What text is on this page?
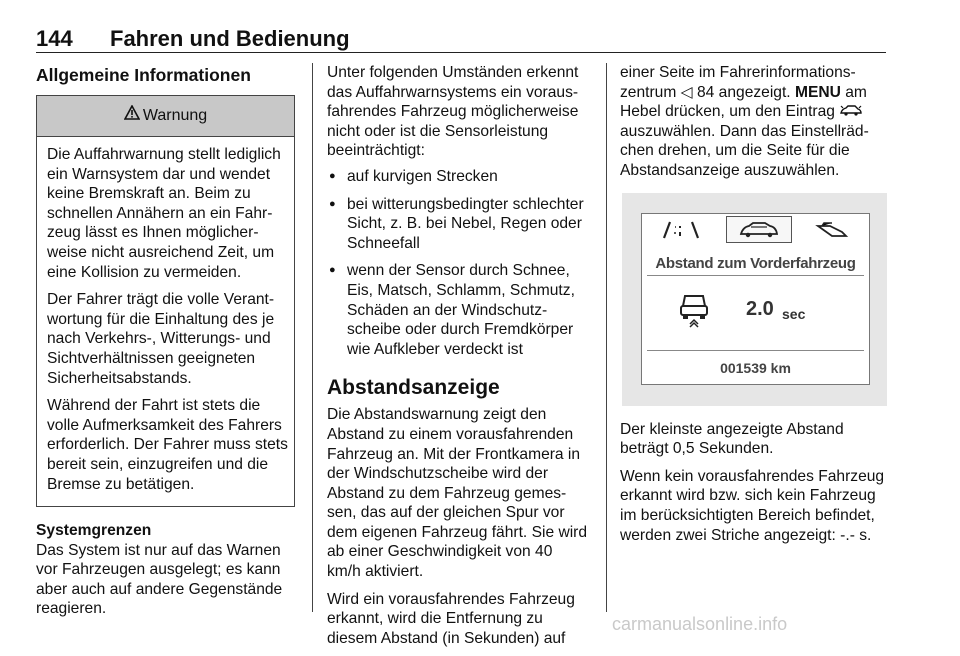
144 Fahren und Bedienung
Allgemeine Informationen
Warnung

Die Auffahrwarnung stellt lediglich ein Warnsystem dar und wendet keine Bremskraft an. Beim zu schnellen Annähern an ein Fahrzeug lässt es Ihnen möglicherweise nicht ausreichend Zeit, um eine Kollision zu vermeiden.

Der Fahrer trägt die volle Verantwortung für die Einhaltung des je nach Verkehrs-, Witterungs- und Sichtverhältnissen geeigneten Sicherheitsabstands.

Während der Fahrt ist stets die volle Aufmerksamkeit des Fahrers erforderlich. Der Fahrer muss stets bereit sein, einzugreifen und die Bremse zu betätigen.

Systemgrenzen

Das System ist nur auf das Warnen vor Fahrzeugen ausgelegt; es kann aber auch auf andere Gegenstände reagieren.

Unter folgenden Umständen erkennt das Auffahrwarnsystems ein vorausfahrendes Fahrzeug möglicherweise nicht oder ist die Sensorleistung beeinträchtigt:

● auf kurvigen Strecken
● bei witterungsbedingter schlechter Sicht, z. B. bei Nebel, Regen oder Schneefall
● wenn der Sensor durch Schnee, Eis, Matsch, Schlamm, Schmutz, Schäden an der Windschutzscheibe oder durch Fremdkörper wie Aufkleber verdeckt ist
Abstandsanzeige

Die Abstandswarnung zeigt den Abstand zu einem vorausfahrenden Fahrzeug an. Mit der Frontkamera in der Windschutzscheibe wird der Abstand zu dem Fahrzeug gemessen, das auf der gleichen Spur vor dem eigenen Fahrzeug fährt. Sie wird ab einer Geschwindigkeit von 40 km/h aktiviert.

Wird ein vorausfahrendes Fahrzeug erkannt, wird die Entfernung zu diesem Abstand (in Sekunden) auf

einer Seite im Fahrerinformationszentrum ◁ 84 angezeigt. MENU am Hebel drücken, um den Eintrag  auszuwählen. Dann das Einstellrädchen drehen, um die Seite für die Abstandsanzeige auszuwählen.

Abstand zum Vorderfahrzeug
2.0 sec
001539 km

Der kleinste angezeigte Abstand beträgt 0,5 Sekunden.

Wenn kein vorausfahrendes Fahrzeug erkannt wird bzw. sich kein Fahrzeug im berücksichtigten Bereich befindet, werden zwei Striche angezeigt: -.- s.

carmanualsonline.info
